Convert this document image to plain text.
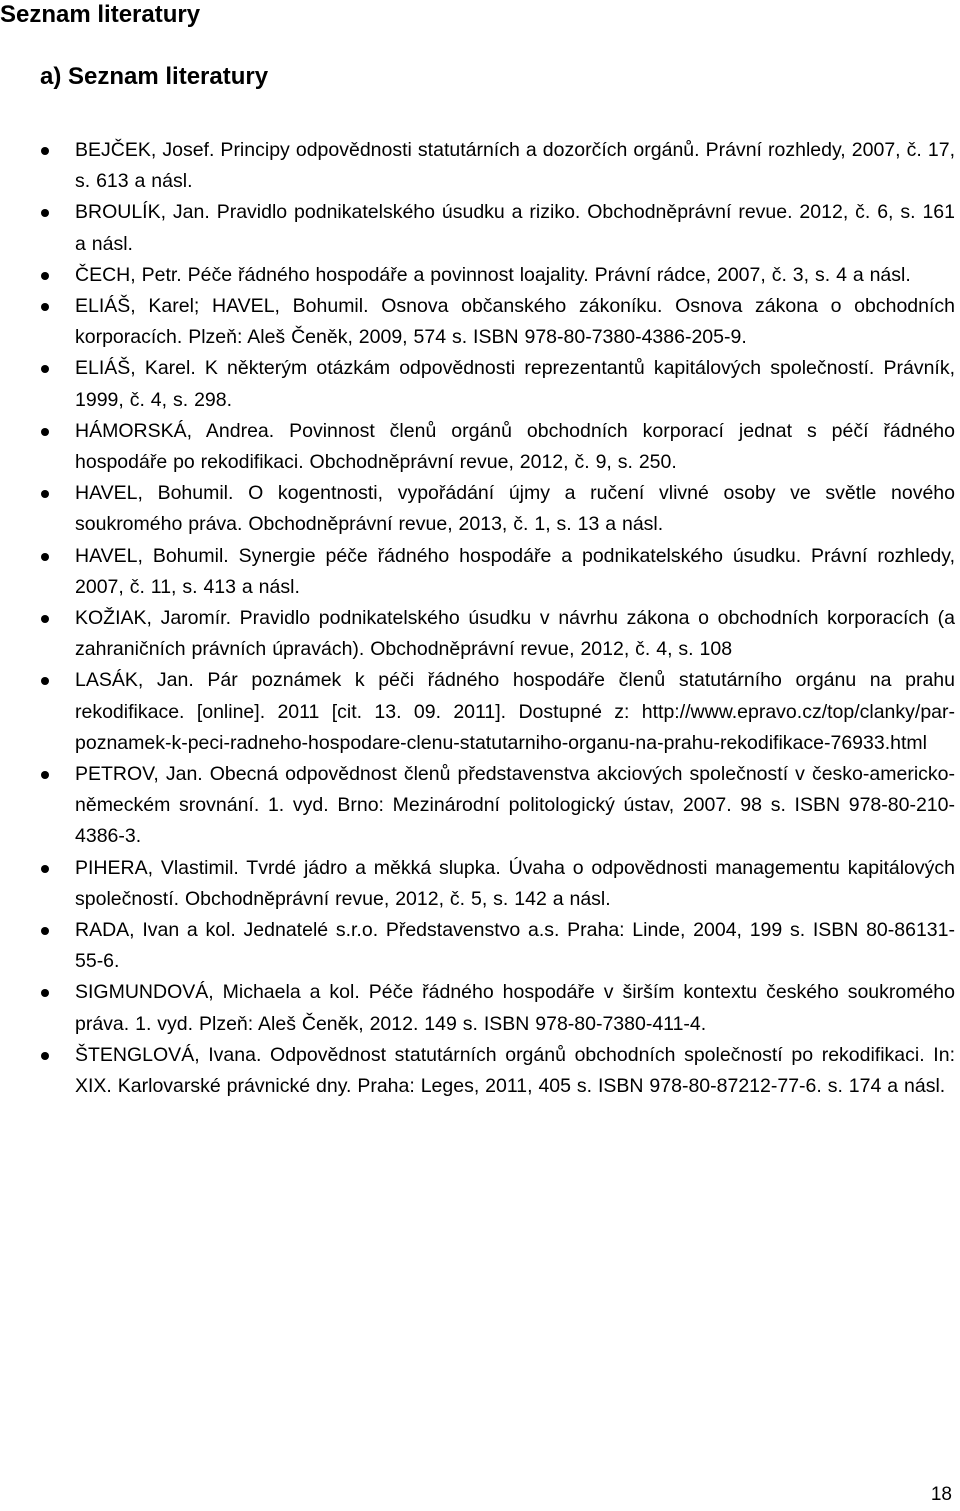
Seznam literatury
a) Seznam literatury
BEJČEK, Josef. Principy odpovědnosti statutárních a dozorčích orgánů. Právní rozhledy, 2007, č. 17, s. 613 a násl.
BROULÍK, Jan. Pravidlo podnikatelského úsudku a riziko. Obchodněprávní revue. 2012, č. 6, s. 161 a násl.
ČECH, Petr. Péče řádného hospodáře a povinnost loajality. Právní rádce, 2007, č. 3, s. 4 a násl.
ELIÁŠ, Karel; HAVEL, Bohumil. Osnova občanského zákoníku. Osnova zákona o obchodních korporacích. Plzeň: Aleš Čeněk, 2009, 574 s. ISBN 978-80-7380-4386-205-9.
ELIÁŠ, Karel. K některým otázkám odpovědnosti reprezentantů kapitálových společností. Právník, 1999, č. 4, s. 298.
HÁMORSKÁ, Andrea. Povinnost členů orgánů obchodních korporací jednat s péčí řádného hospodáře po rekodifikaci. Obchodněprávní revue, 2012, č. 9, s. 250.
HAVEL, Bohumil. O kogentnosti, vypořádání újmy a ručení vlivné osoby ve světle nového soukromého práva. Obchodněprávní revue, 2013, č. 1, s. 13 a násl.
HAVEL, Bohumil. Synergie péče řádného hospodáře a podnikatelského úsudku. Právní rozhledy, 2007, č. 11, s. 413 a násl.
KOŽIAK, Jaromír. Pravidlo podnikatelského úsudku v návrhu zákona o obchodních korporacích (a zahraničních právních úpravách). Obchodněprávní revue, 2012, č. 4, s. 108
LASÁK, Jan. Pár poznámek k péči řádného hospodáře členů statutárního orgánu na prahu rekodifikace. [online]. 2011 [cit. 13. 09. 2011]. Dostupné z: http://www.epravo.cz/top/clanky/par-poznamek-k-peci-radneho-hospodare-clenu-statutarniho-organu-na-prahu-rekodifikace-76933.html
PETROV, Jan. Obecná odpovědnost členů představenstva akciových společností v česko-americko-německém srovnání. 1. vyd. Brno: Mezinárodní politologický ústav, 2007. 98 s. ISBN 978-80-210-4386-3.
PIHERA, Vlastimil. Tvrdé jádro a měkká slupka. Úvaha o odpovědnosti managementu kapitálových společností. Obchodněprávní revue, 2012, č. 5, s. 142 a násl.
RADA, Ivan a kol. Jednatelé s.r.o. Představenstvo a.s. Praha: Linde, 2004, 199 s. ISBN 80-86131-55-6.
SIGMUNDOVÁ, Michaela a kol. Péče řádného hospodáře v širším kontextu českého soukromého práva. 1. vyd. Plzeň: Aleš Čeněk, 2012. 149 s. ISBN 978-80-7380-411-4.
ŠTENGLOVÁ, Ivana. Odpovědnost statutárních orgánů obchodních společností po rekodifikaci. In: XIX. Karlovarské právnické dny. Praha: Leges, 2011, 405 s. ISBN 978-80-87212-77-6. s. 174 a násl.
18
